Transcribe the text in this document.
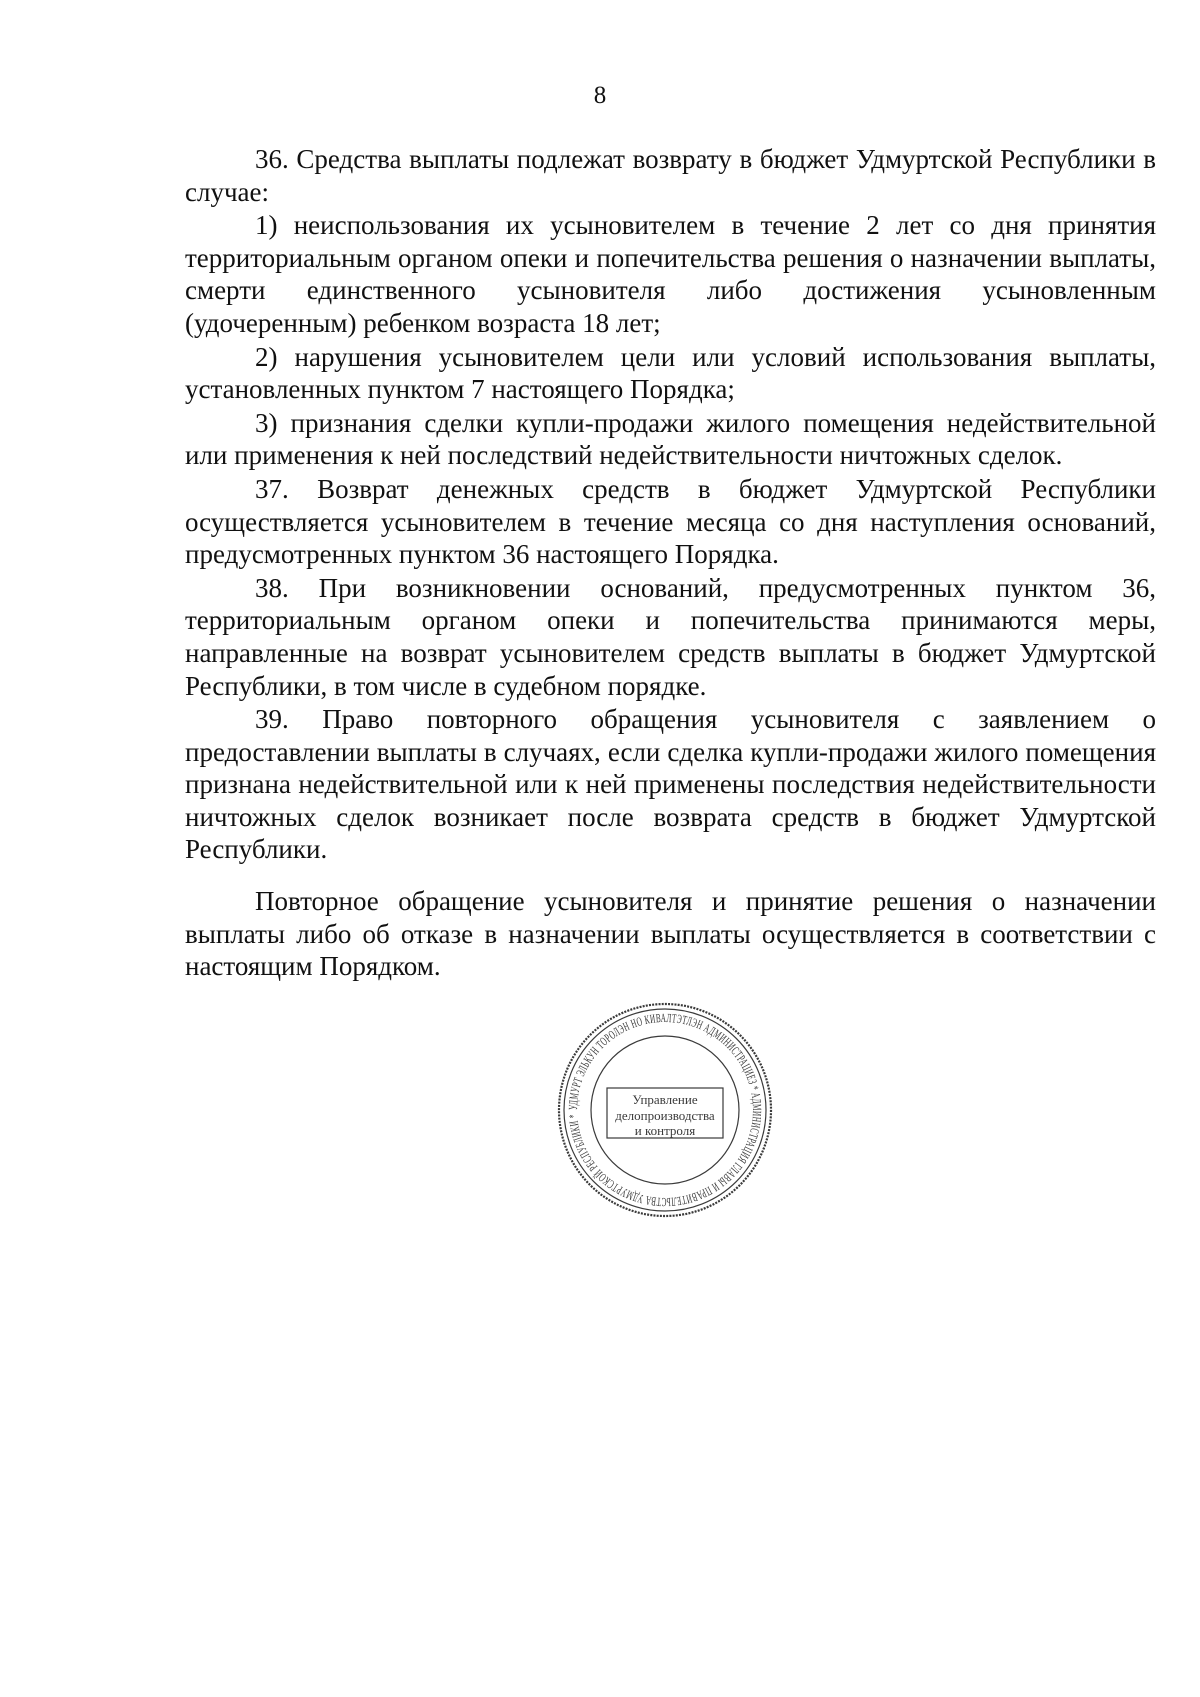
8

36. Средства выплаты подлежат возврату в бюджет Удмуртской Республики в случае:

1) неиспользования их усыновителем в течение 2 лет со дня принятия территориальным органом опеки и попечительства решения о назначении выплаты, смерти единственного усыновителя либо достижения усыновленным (удочеренным) ребенком возраста 18 лет;

2) нарушения усыновителем цели или условий использования выплаты, установленных пунктом 7 настоящего Порядка;

3) признания сделки купли-продажи жилого помещения недействительной или применения к ней последствий недействительности ничтожных сделок.

37. Возврат денежных средств в бюджет Удмуртской Республики осуществляется усыновителем в течение месяца со дня наступления оснований, предусмотренных пунктом 36 настоящего Порядка.

38. При возникновении оснований, предусмотренных пунктом 36, территориальным органом опеки и попечительства принимаются меры, направленные на возврат усыновителем средств выплаты в бюджет Удмуртской Республики, в том числе в судебном порядке.

39. Право повторного обращения усыновителя с заявлением о предоставлении выплаты в случаях, если сделка купли-продажи жилого помещения признана недействительной или к ней применены последствия недействительности ничтожных сделок возникает после возврата средств в бюджет Удмуртской Республики.

Повторное обращение усыновителя и принятие решения о назначении выплаты либо об отказе в назначении выплаты осуществляется в соответствии с настоящим Порядком.

УДМУРТ ЭЛЬКУН ТОРОЛЭН НО КИВАЛТЭТЛЭН АДМИНИСТРАЦИЕЗ * АДМИНИСТРАЦИЯ ГЛАВЫ И ПРАВИТЕЛЬСТВА УДМУРТСКОЙ РЕСПУБЛИКИ *
Управление
делопроизводства
и контроля
